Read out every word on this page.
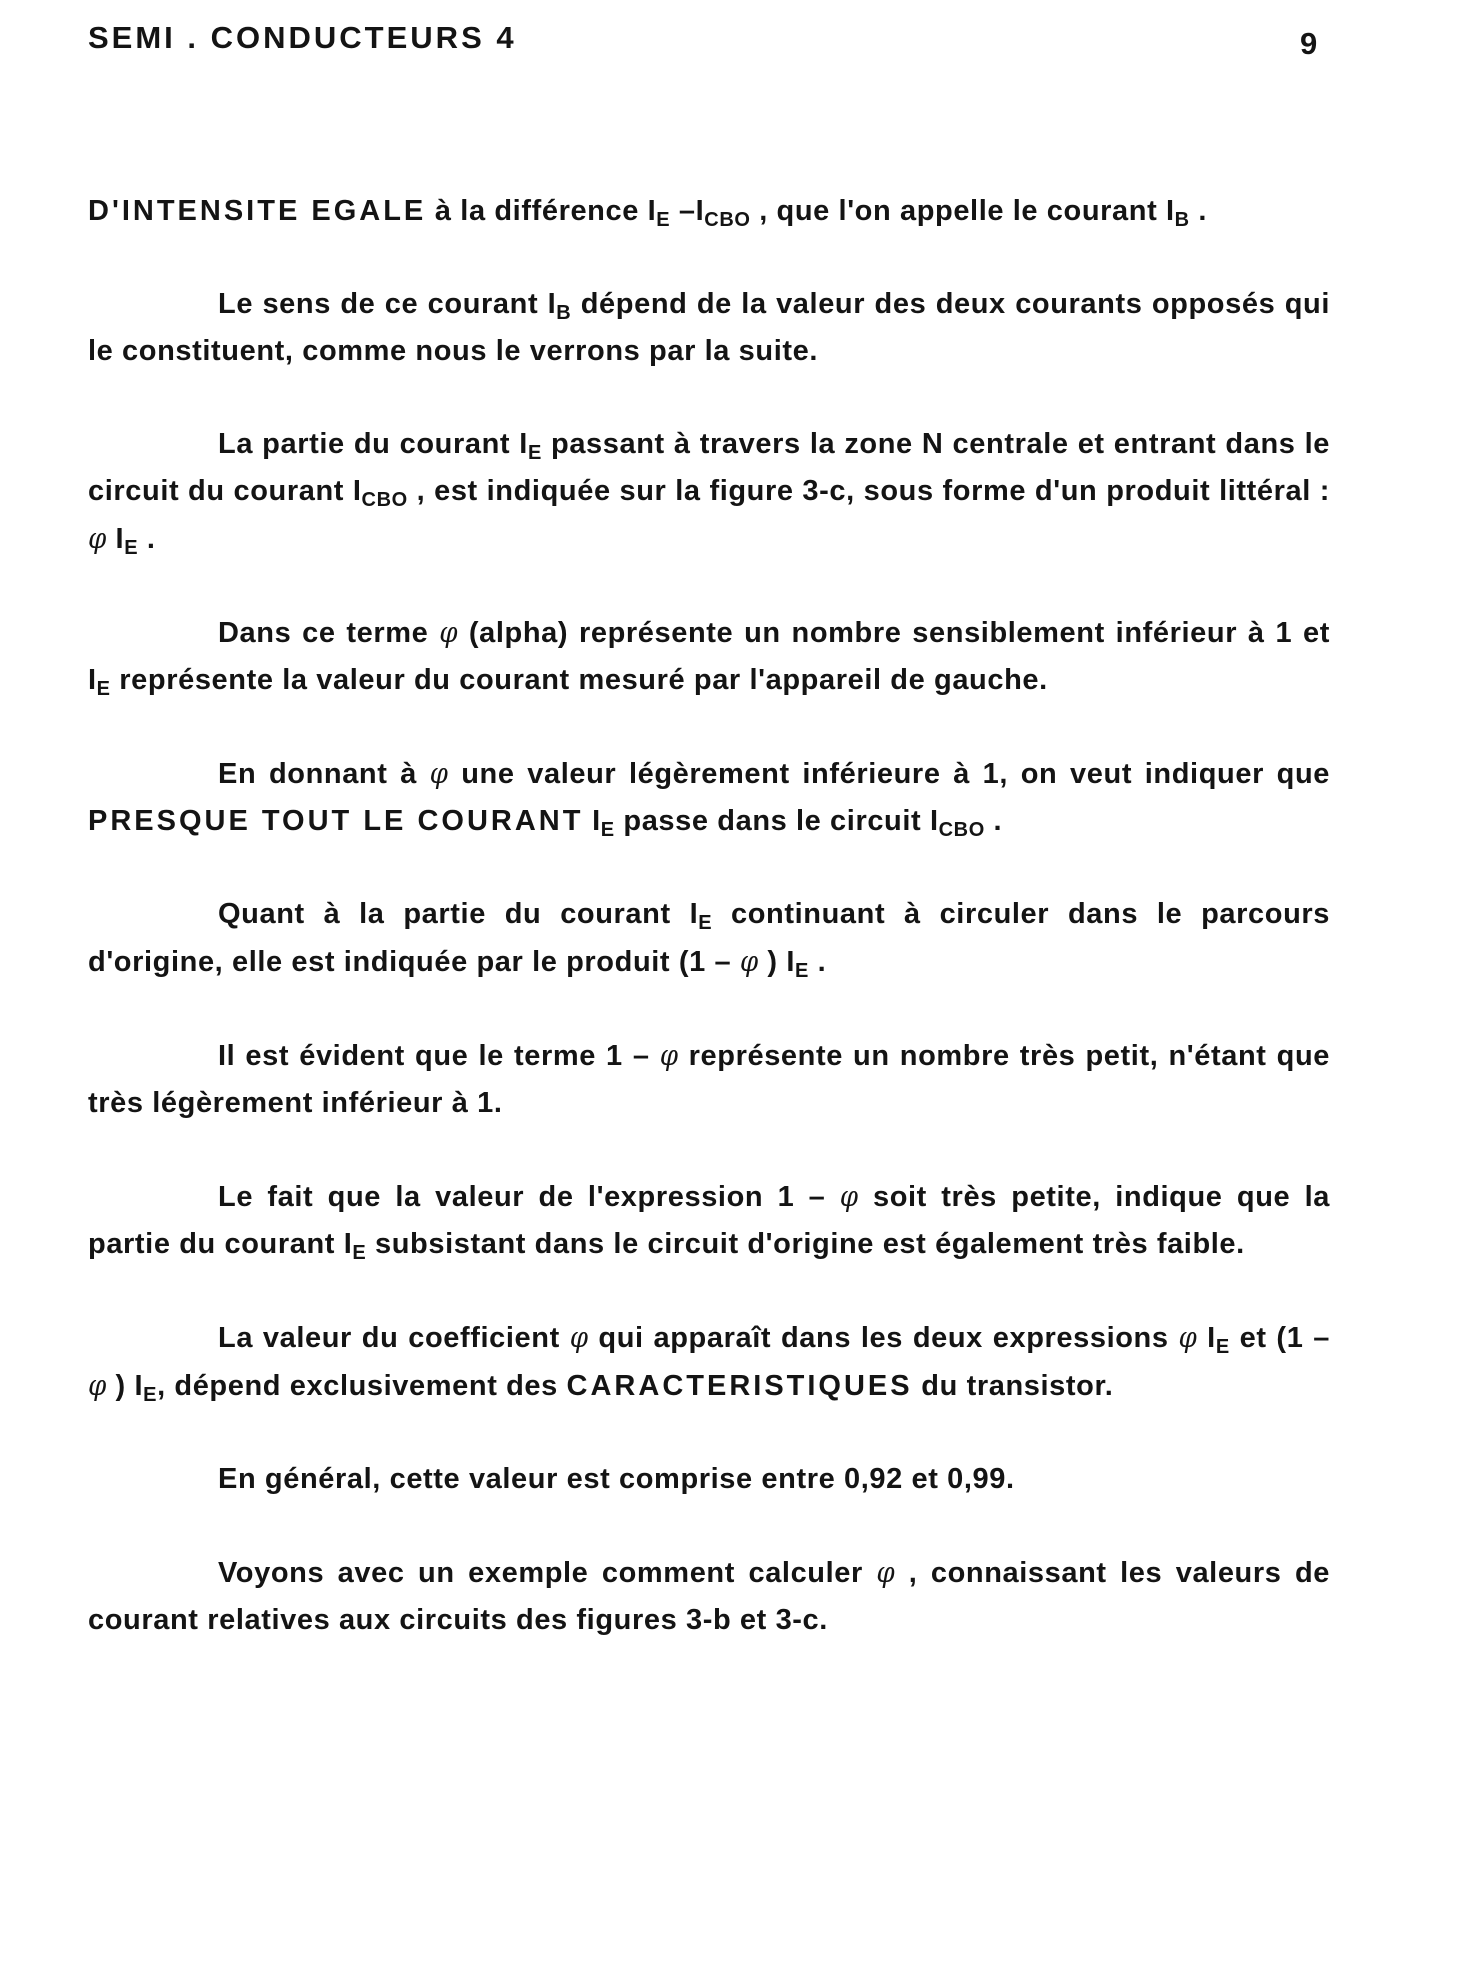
SEMI . CONDUCTEURS 4	9

D'INTENSITE EGALE à la différence $I_E$ $-I_{CBO}$ , que l'on appelle le courant $I_B$ .

Le sens de ce courant $I_B$ dépend de la valeur des deux courants opposés qui le constituent, comme nous le verrons par la suite.

La partie du courant $I_E$ passant à travers la zone N centrale et entrant dans le circuit du courant $I_{CBO}$ , est indiquée sur la figure 3-c, sous forme d'un produit littéral : φ $I_E$ .

Dans ce terme φ (alpha) représente un nombre sensiblement inférieur à 1 et $I_E$ représente la valeur du courant mesuré par l'appareil de gauche.

En donnant à φ une valeur légèrement inférieure à 1, on veut indiquer que PRESQUE TOUT LE COURANT $I_E$ passe dans le circuit $I_{CBO}$ .

Quant à la partie du courant $I_E$ continuant à circuler dans le parcours d'origine, elle est indiquée par le produit (1 – φ ) $I_E$ .

Il est évident que le terme 1 – φ représente un nombre très petit, n'étant que très légèrement inférieur à 1.

Le fait que la valeur de l'expression 1 – φ soit très petite, indique que la partie du courant $I_E$ subsistant dans le circuit d'origine est également très faible.

La valeur du coefficient φ qui apparaît dans les deux expressions φ $I_E$ et (1 – φ ) $I_E$, dépend exclusivement des CARACTERISTIQUES du transistor.

En général, cette valeur est comprise entre 0,92 et 0,99.

Voyons avec un exemple comment calculer φ , connaissant les valeurs de courant relatives aux circuits des figures 3-b et 3-c.
